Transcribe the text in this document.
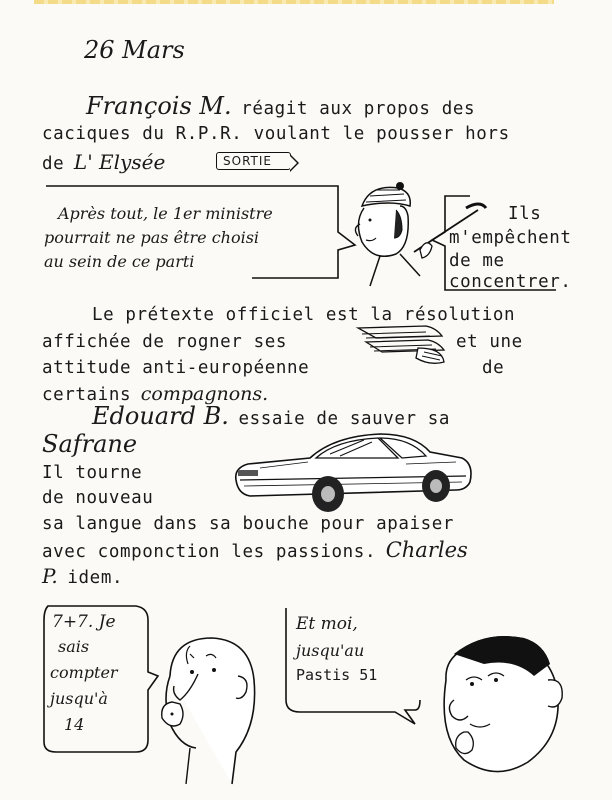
26 Mars
François M. réagit aux propos des
caciques du R.P.R. voulant le pousser hors
de L' Elysée	SORTIE
Après tout, le 1er ministre
pourrait ne pas être choisi
au sein de ce parti
Ils
m'empêchent
de me
concentrer.
Le prétexte officiel est la résolution
affichée de rogner ses	et une
attitude anti-européenne	de
certains compagnons.
Edouard B. essaie de sauver sa
Safrane
Il tourne
de nouveau
sa langue dans sa bouche pour apaiser
avec componction les passions. Charles
P. idem.
7+7. Je
sais
compter
jusqu'à
14
Et moi,
jusqu'au
Pastis 51
